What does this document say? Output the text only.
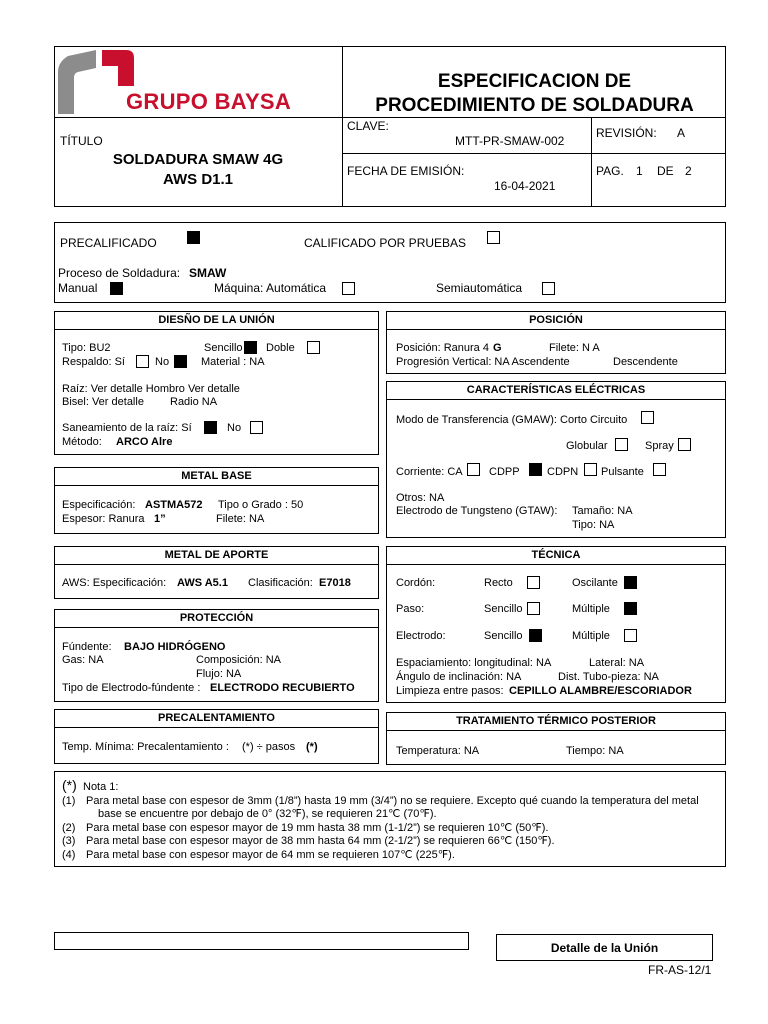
GRUPO BAYSA
ESPECIFICACION DE
PROCEDIMIENTO DE SOLDADURA
TÍTULO
SOLDADURA SMAW 4G
AWS D1.1
CLAVE:
MTT-PR-SMAW-002
REVISIÓN: A
FECHA DE EMISIÓN:
16-04-2021
PAG. 1 DE 2
PRECALIFICADO	CALIFICADO POR PRUEBAS
Proceso de Soldadura: SMAW
Manual	Máquina: Automática	Semiautomática
DIESÑO DE LA UNIÓN
Tipo: BU2	Sencillo Doble
Respaldo: Sí	No	Material : NA
Raíz: Ver detalle Hombro Ver detalle
Bisel: Ver detalle Radio NA
Saneamiento de la raíz: Sí	No
Método: ARCO Alre
METAL BASE
Especificación: ASTMA572 Tipo o Grado : 50
Espesor: Ranura 1”	Filete: NA
METAL DE APORTE
AWS: Especificación: AWS A5.1 Clasificación: E7018
PROTECCIÓN
Fúndente: BAJO HIDRÓGENO
Gas: NA	Composición: NA
Flujo: NA
Tipo de Electrodo-fúndente : ELECTRODO RECUBIERTO
PRECALENTAMIENTO
Temp. Mínima: Precalentamiento : (*) ÷ pasos (*)
POSICIÓN
Posición: Ranura 4 G	Filete: N A
Progresión Vertical: NA Ascendente	Descendente
CARACTERÍSTICAS ELÉCTRICAS
Modo de Transferencia (GMAW): Corto Circuito
Globular	Spray
Corriente: CA CDPP CDPN Pulsante
Otros: NA
Electrodo de Tungsteno (GTAW): Tamaño: NA
Tipo: NA
TÉCNICA
Cordón:	Recto	Oscilante
Paso:	Sencillo	Múltiple
Electrodo:	Sencillo	Múltiple
Espaciamiento: longitudinal: NA	Lateral: NA
Ángulo de inclinación: NA	Dist. Tubo-pieza: NA
Limpieza entre pasos: CEPILLO ALAMBRE/ESCORIADOR
TRATAMIENTO TÉRMICO POSTERIOR
Temperatura: NA	Tiempo: NA
(*) Nota 1:
(1) Para metal base con espesor de 3mm (1/8”) hasta 19 mm (3/4”) no se requiere. Excepto qué cuando la temperatura del metal
base se encuentre por debajo de 0° (32℉), se requieren 21℃ (70℉).
(2) Para metal base con espesor mayor de 19 mm hasta 38 mm (1-1/2”) se requieren 10℃ (50℉).
(3) Para metal base con espesor mayor de 38 mm hasta 64 mm (2-1/2”) se requieren 66℃ (150℉).
(4) Para metal base con espesor mayor de 64 mm se requieren 107℃ (225℉).
Detalle de la Unión
FR-AS-12/1
